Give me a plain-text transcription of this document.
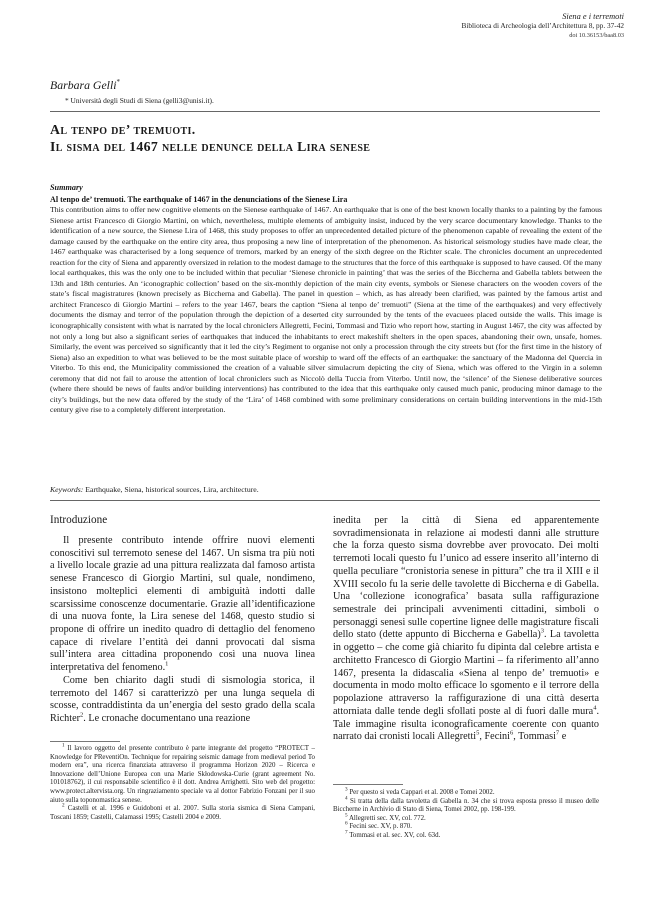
Siena e i terremoti
Biblioteca di Archeologia dell’Architettura 8, pp. 37-42
doi 10.36153/baa8.03
Barbara Gelli*
* Università degli Studi di Siena (gelli3@unisi.it).
Al tenpo de’ tremuoti.
Il sisma del 1467 nelle denunce della Lira senese
Summary
Al tenpo de’ tremuoti. The earthquake of 1467 in the denunciations of the Sienese Lira
This contribution aims to offer new cognitive elements on the Sienese earthquake of 1467. An earthquake that is one of the best known locally thanks to a painting by the famous Sienese artist Francesco di Giorgio Martini, on which, nevertheless, multiple elements of ambiguity insist, induced by the very scarce documentary knowledge. Thanks to the identification of a new source, the Sienese Lira of 1468, this study proposes to offer an unprecedented detailed picture of the phenomenon capable of revealing the extent of the damage caused by the earthquake on the entire city area, thus proposing a new line of interpretation of the phenomenon. As historical seismology studies have made clear, the 1467 earthquake was characterised by a long sequence of tremors, marked by an energy of the sixth degree on the Richter scale. The chronicles document an unprecedented reaction for the city of Siena and apparently oversized in relation to the modest damage to the structures that the force of this earthquake is supposed to have caused. Of the many local earthquakes, this was the only one to be included within that peculiar ‘Sienese chronicle in painting’ that was the series of the Biccherna and Gabella tablets between the 13th and 18th centuries. An ‘iconographic collection’ based on the six-monthly depiction of the main city events, symbols or Sienese characters on the wooden covers of the state’s fiscal magistratures (known precisely as Biccherna and Gabella). The panel in question – which, as has already been clarified, was painted by the famous artist and architect Francesco di Giorgio Martini – refers to the year 1467, bears the caption “Siena al tenpo de’ tremuoti” (Siena at the time of the earthquakes) and very effectively documents the dismay and terror of the population through the depiction of a deserted city surrounded by the tents of the evacuees placed outside the walls. This image is iconographically consistent with what is narrated by the local chroniclers Allegretti, Fecini, Tommasi and Tizio who report how, starting in August 1467, the city was affected by not only a long but also a significant series of earthquakes that induced the inhabitants to erect makeshift shelters in the open spaces, abandoning their own, unsafe, homes. Similarly, the event was perceived so significantly that it led the city’s Regiment to organise not only a procession through the city streets but (for the first time in the history of Siena) also an expedition to what was believed to be the most suitable place of worship to ward off the effects of an earthquake: the sanctuary of the Madonna del Quercia in Viterbo. To this end, the Municipality commissioned the creation of a valuable silver simulacrum depicting the city of Siena, which was offered to the Virgin in a solemn ceremony that did not fail to arouse the attention of local chroniclers such as Niccolò della Tuccia from Viterbo. Until now, the ‘silence’ of the Sienese deliberative sources (where there should be news of faults and/or building interventions) has contributed to the idea that this earthquake only caused much panic, producing minor damage to the city’s buildings, but the new data offered by the study of the ‘Lira’ of 1468 combined with some preliminary considerations on certain building interventions in the mid-15th century give rise to a completely different interpretation.
Keywords: Earthquake, Siena, historical sources, Lira, architecture.
Introduzione

Il presente contributo intende offrire nuovi elementi conoscitivi sul terremoto senese del 1467. Un sisma tra più noti a livello locale grazie ad una pittura realizzata dal famoso artista senese Francesco di Giorgio Martini, sul quale, nondimeno, insistono molteplici elementi di ambiguità indotti dalle scarsissime conoscenze documentarie. Grazie all’identificazione di una nuova fonte, la Lira senese del 1468, questo studio si propone di offrire un inedito quadro di dettaglio del fenomeno capace di rivelare l’entità dei danni provocati dal sisma sull’intera area cittadina proponendo così una nuova linea interpretativa del fenomeno.$^1$

Come ben chiarito dagli studi di sismologia storica, il terremoto del 1467 si caratterizzò per una lunga sequela di scosse, contraddistinta da un’energia del sesto grado della scala Richter$^2$. Le cronache documentano una reazione

inedita per la città di Siena ed apparentemente sovradimensionata in relazione ai modesti danni alle strutture che la forza questo sisma dovrebbe aver provocato. Dei molti terremoti locali questo fu l’unico ad essere inserito all’interno di quella peculiare “cronistoria senese in pittura” che tra il XIII e il XVIII secolo fu la serie delle tavolette di Biccherna e di Gabella. Una ‘collezione iconografica’ basata sulla raffigurazione semestrale dei principali avvenimenti cittadini, simboli o personaggi senesi sulle copertine lignee delle magistrature fiscali dello stato (dette appunto di Biccherna e Gabella)$^3$. La tavoletta in oggetto – che come già chiarito fu dipinta dal celebre artista e architetto Francesco di Giorgio Martini – fa riferimento all’anno 1467, presenta la didascalia «Siena al tenpo de’ tremuoti» e documenta in modo molto efficace lo sgomento e il terrore della popolazione attraverso la raffigurazione di una città deserta attorniata dalle tende degli sfollati poste al di fuori dalle mura$^4$. Tale immagine risulta iconograficamente coerente con quanto narrato dai cronisti locali Allegretti$^5$, Fecini$^6$, Tommasi$^7$ e

$^1$ Il lavoro oggetto del presente contributo è parte integrante del progetto “PROTECT – Knowledge for PReventiOn. Technique for repairing seismic damage from medieval period To modern era”, una ricerca finanziata attraverso il programma Horizon 2020 – Ricerca e Innovazione dell’Unione Europea con una Marie Skłodowska-Curie (grant agreement No. 101018762), il cui responsabile scientifico è il dott. Andrea Arrighetti. Sito web del progetto: www.protect.altervista.org. Un ringraziamento speciale va al dottor Fabrizio Fonzani per il suo aiuto sulla toponomastica senese.
$^2$ Castelli et al. 1996 e Guidoboni et al. 2007. Sulla storia sismica di Siena Campani, Toscani 1859; Castelli, Calamassi 1995; Castelli 2004 e 2009.
$^3$ Per questo si veda Cappari et al. 2008 e Tomei 2002.
$^4$ Si tratta della dalla tavoletta di Gabella n. 34 che si trova esposta presso il museo delle Biccherne in Archivio di Stato di Siena, Tomei 2002, pp. 198-199.
$^5$ Allegretti sec. XV, col. 772.
$^6$ Fecini sec. XV, p. 870.
$^7$ Tommasi et al. sec. XV, col. 63d.
